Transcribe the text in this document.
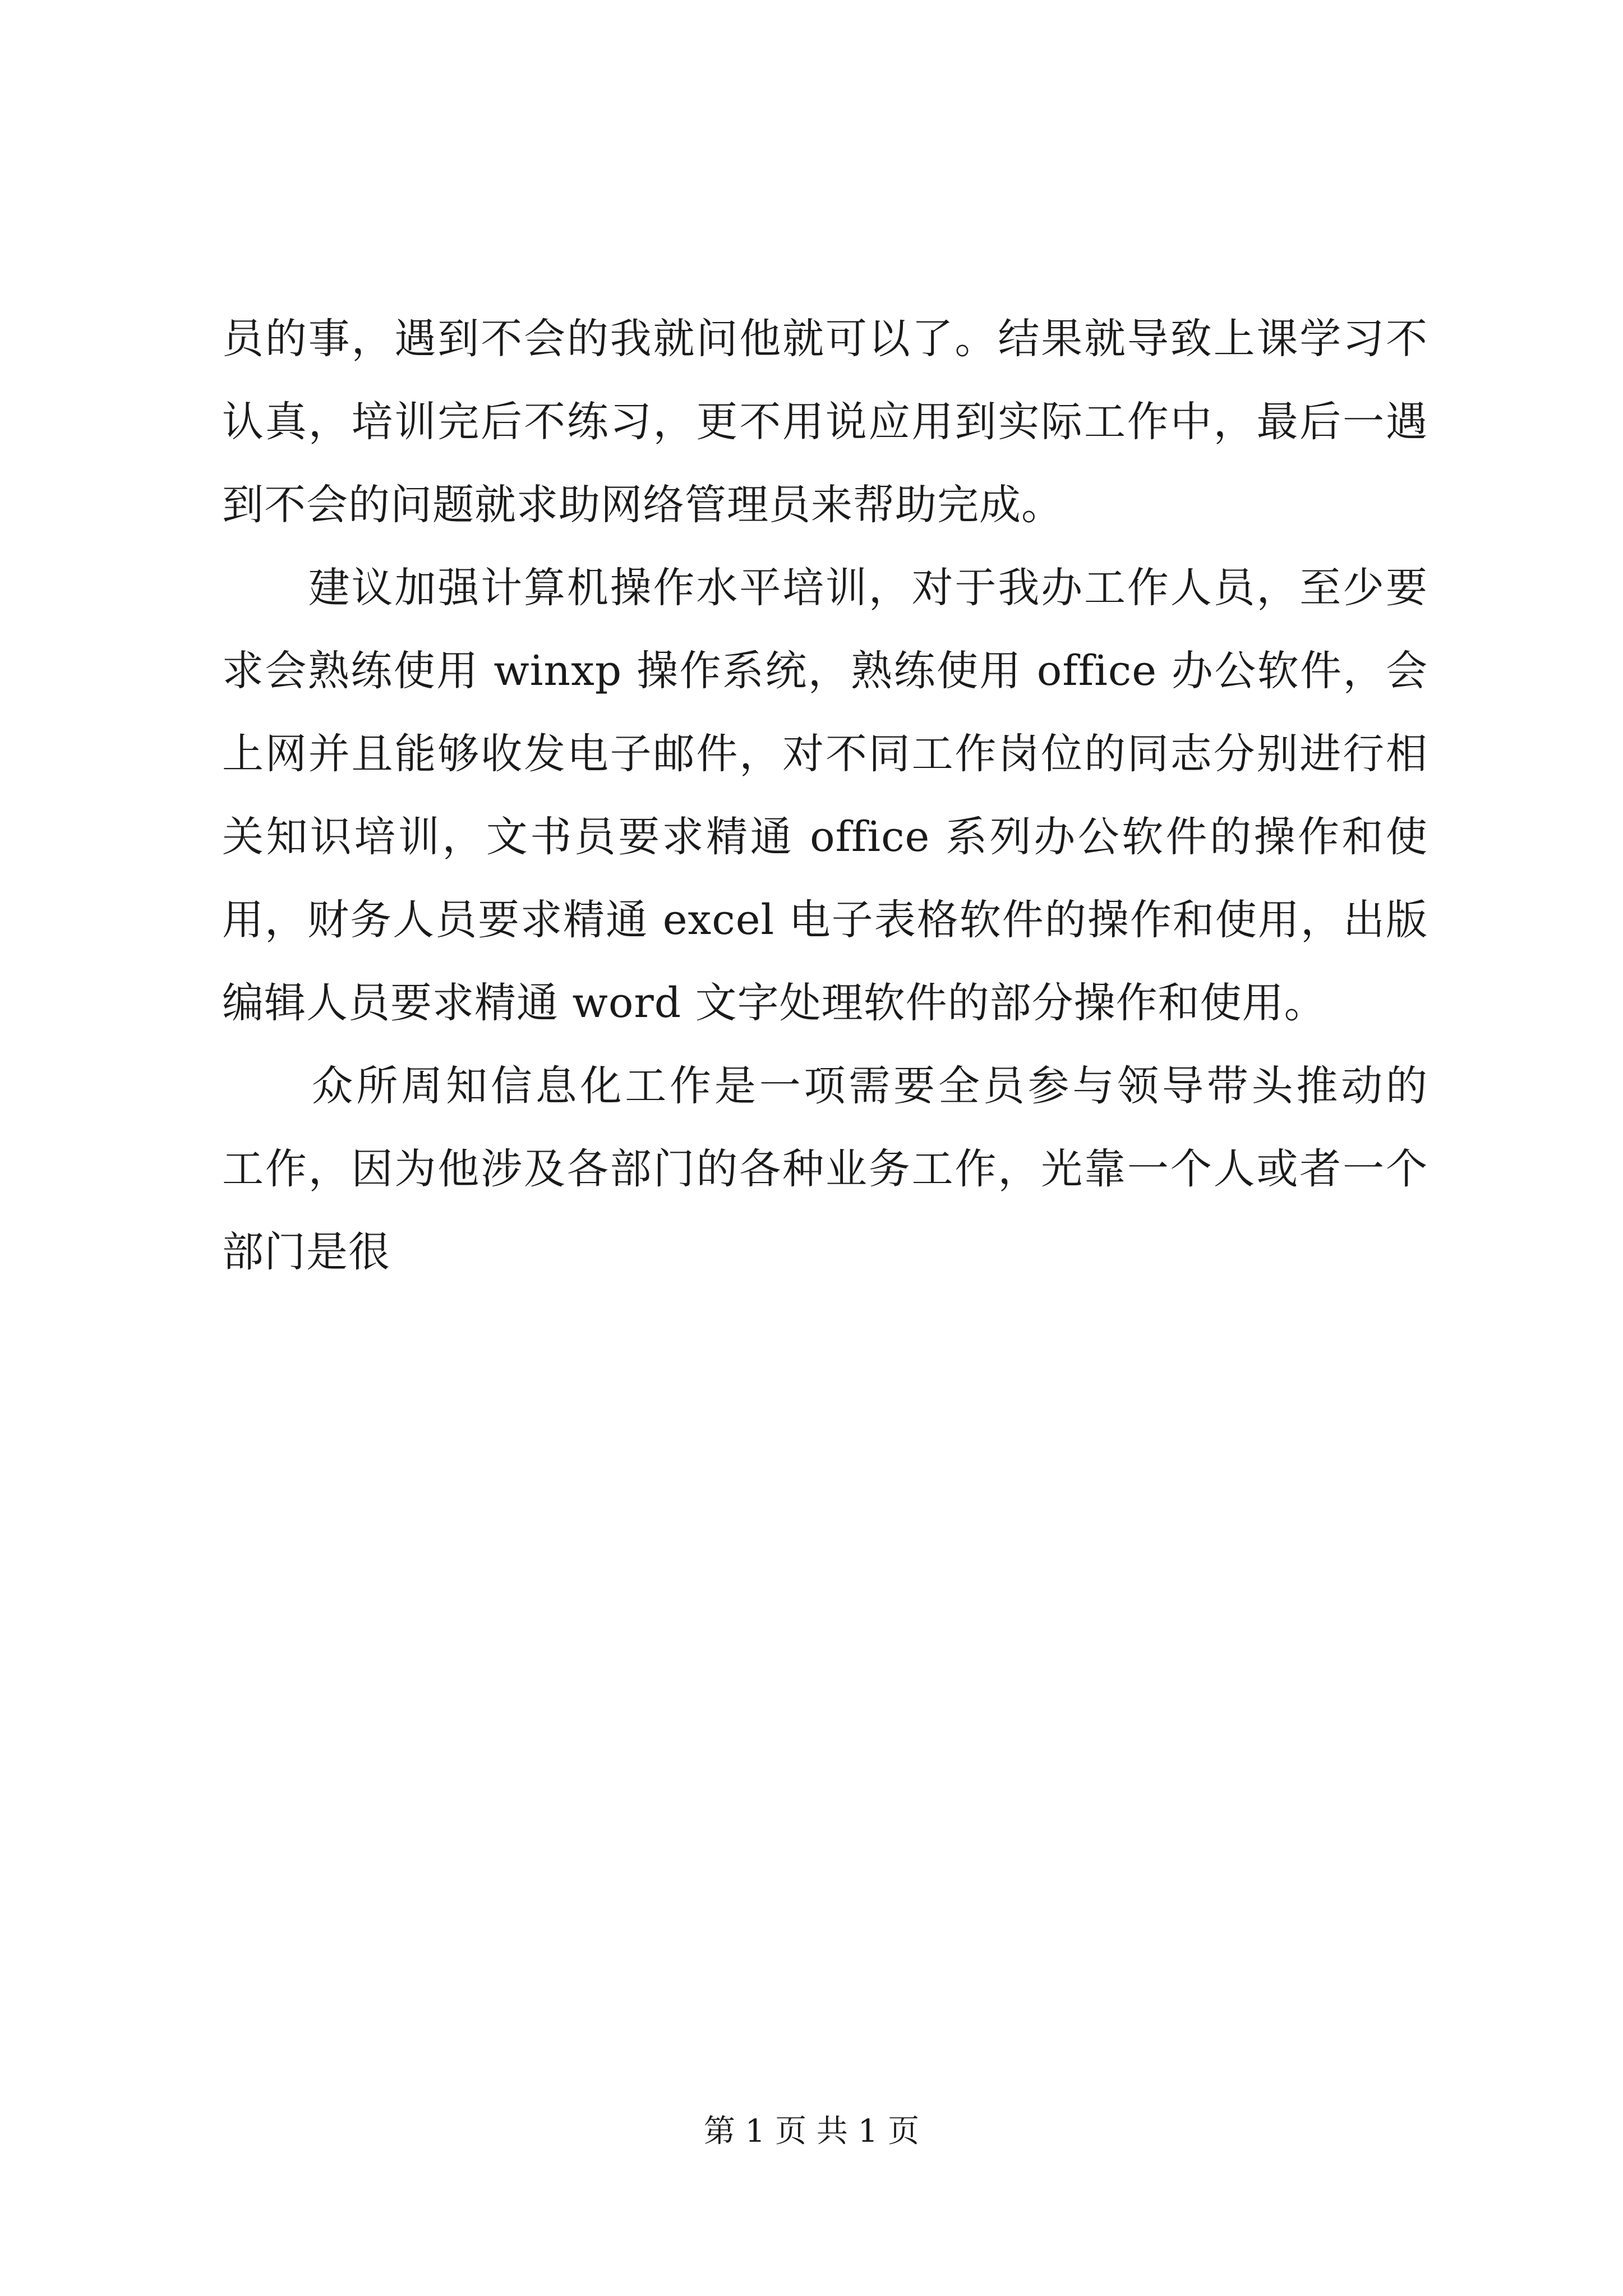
员的事，遇到不会的我就问他就可以了。结果就导致上课学习不
认真，培训完后不练习，更不用说应用到实际工作中，最后一遇
到不会的问题就求助网络管理员来帮助完成。
　　建议加强计算机操作水平培训，对于我办工作人员，至少要
求会熟练使用 winxp 操作系统，熟练使用 office 办公软件，会
上网并且能够收发电子邮件，对不同工作岗位的同志分别进行相
关知识培训，文书员要求精通 office 系列办公软件的操作和使
用，财务人员要求精通 excel 电子表格软件的操作和使用，出版
编辑人员要求精通 word 文字处理软件的部分操作和使用。
　　众所周知信息化工作是一项需要全员参与领导带头推动的
工作，因为他涉及各部门的各种业务工作，光靠一个人或者一个
部门是很
第 1 页 共 1 页
